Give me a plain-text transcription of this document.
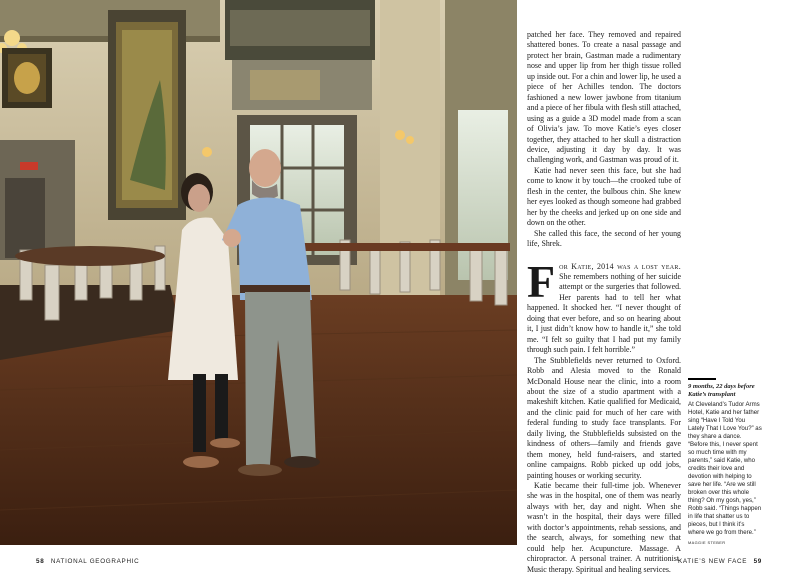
patched her face. They removed and repaired shattered bones. To create a nasal passage and protect her brain, Gastman made a rudimentary nose and upper lip from her thigh tissue rolled up inside out. For a chin and lower lip, he used a piece of her Achilles tendon. The doctors fashioned a new lower jawbone from titanium and a piece of her fibula with flesh still attached, using as a guide a 3D model made from a scan of Olivia’s jaw. To move Katie’s eyes closer together, they attached to her skull a distraction device, adjusting it day by day. It was challenging work, and Gastman was proud of it.

Katie had never seen this face, but she had come to know it by touch—the crooked tube of flesh in the center, the bulbous chin. She knew her eyes looked as though someone had grabbed her by the cheeks and jerked up on one side and down on the other.

She called this face, the second of her young life, Shrek.

For Katie, 2014 was a lost year. She remembers nothing of her suicide attempt or the surgeries that followed. Her parents had to tell her what happened. It shocked her. “I never thought of doing that ever before, and so on hearing about it, I just didn’t know how to handle it,” she told me. “I felt so guilty that I had put my family through such pain. I felt horrible.”

The Stubblefields never returned to Oxford. Robb and Alesia moved to the Ronald McDonald House near the clinic, into a room about the size of a studio apartment with a makeshift kitchen. Katie qualified for Medicaid, and the clinic paid for much of her care with federal funding to study face transplants. For daily living, the Stubblefields subsisted on the kindness of others—family and friends gave them money, held fund-raisers, and started online campaigns. Robb picked up odd jobs, painting houses or working security.

Katie became their full-time job. Whenever she was in the hospital, one of them was nearly always with her, day and night. When she wasn’t in the hospital, their days were filled with doctor’s appointments, rehab sessions, and the search, always, for something new that could help her. Acupuncture. Massage. A chiropractor. A personal trainer. A nutritionist. Music therapy. Spiritual and healing services.

9 months, 22 days before Katie’s transplant
At Cleveland’s Tudor Arms Hotel, Katie and her father sing “Have I Told You Lately That I Love You?” as they share a dance. “Before this, I never spent so much time with my parents,” said Katie, who credits their love and devotion with helping to save her life. “Are we still broken over this whole thing? Oh my gosh, yes,” Robb said. “Things happen in life that shatter us to pieces, but I think it’s where we go from there.”
MAGGIE STEBER
58 NATIONAL GEOGRAPHIC	KATIE’S NEW FACE 59
